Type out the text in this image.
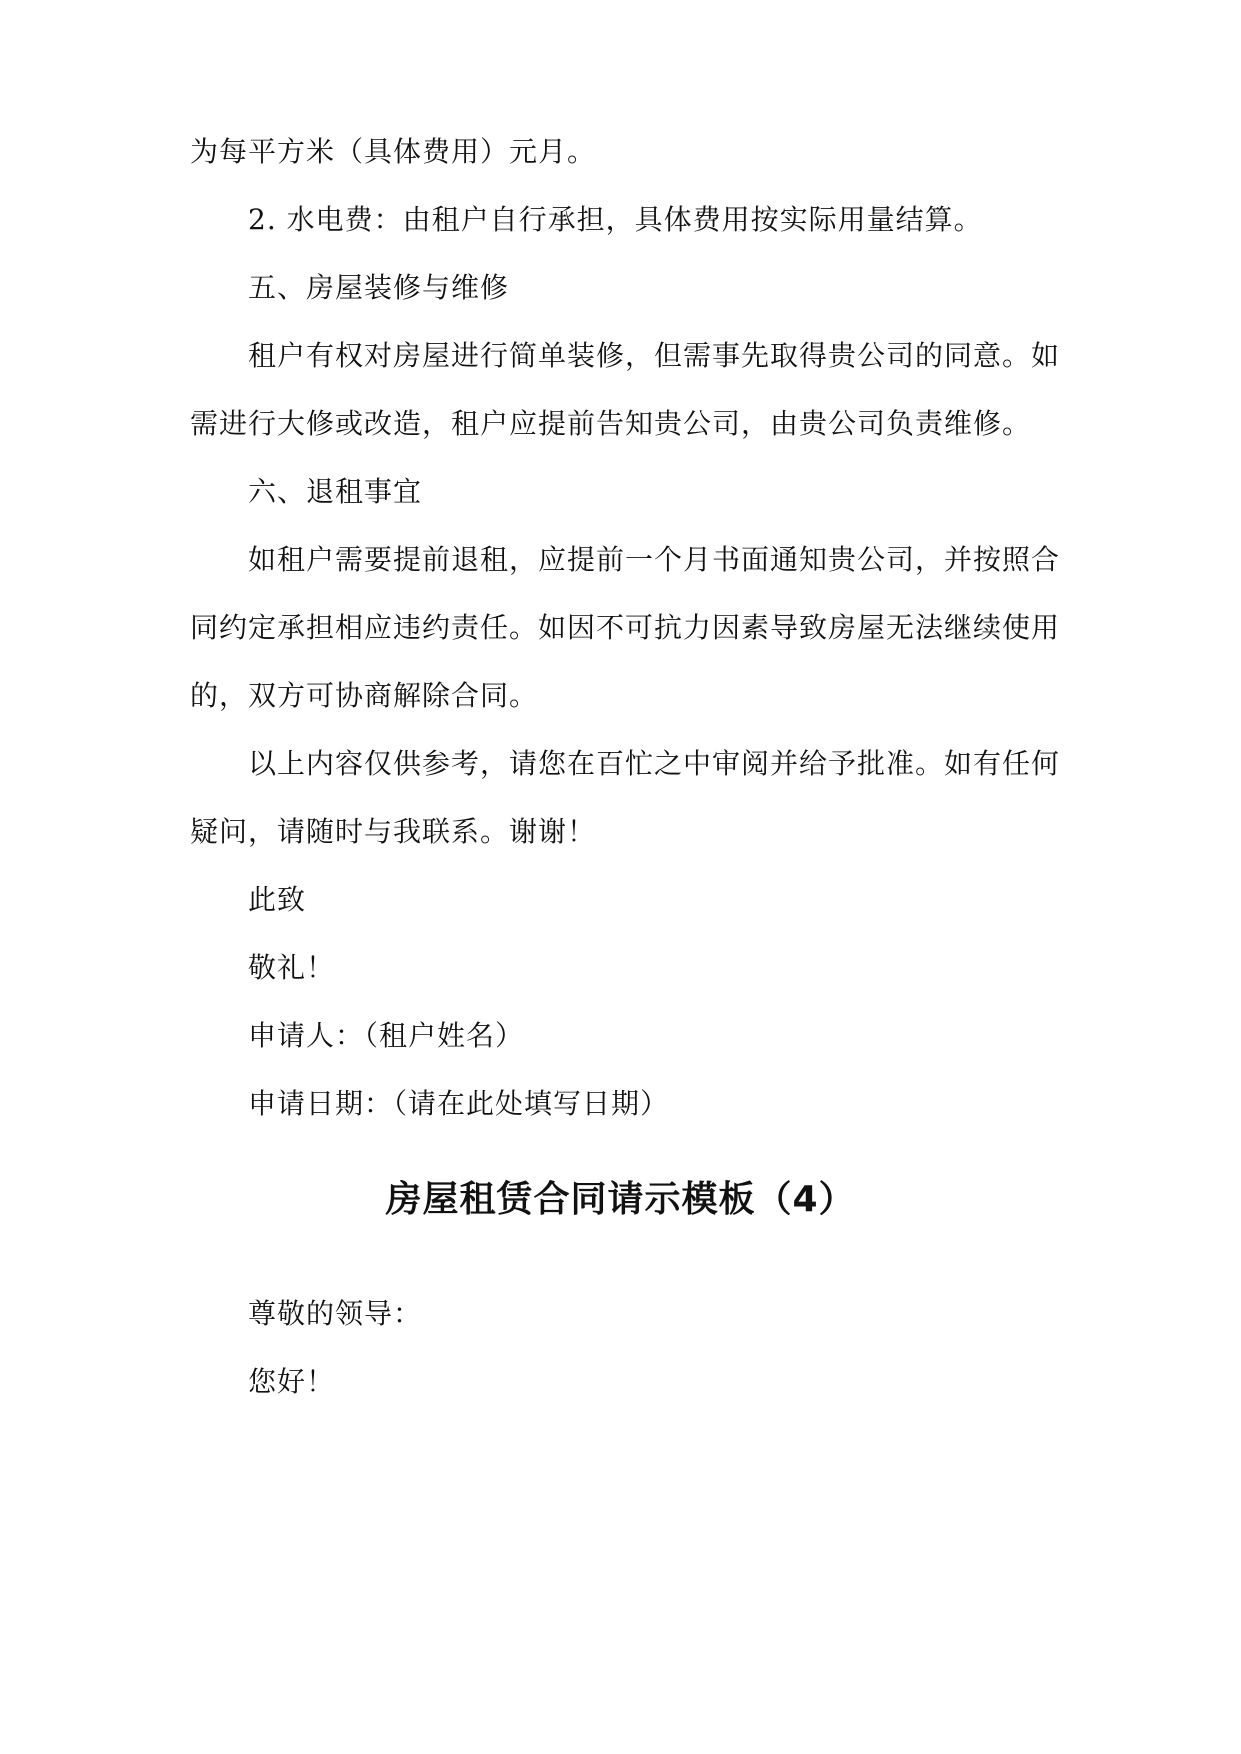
为每平方米（具体费用）元月。
2. 水电费：由租户自行承担，具体费用按实际用量结算。
五、房屋装修与维修
租户有权对房屋进行简单装修，但需事先取得贵公司的同意。如
需进行大修或改造，租户应提前告知贵公司，由贵公司负责维修。
六、退租事宜
如租户需要提前退租，应提前一个月书面通知贵公司，并按照合
同约定承担相应违约责任。如因不可抗力因素导致房屋无法继续使用
的，双方可协商解除合同。
以上内容仅供参考，请您在百忙之中审阅并给予批准。如有任何
疑问，请随时与我联系。谢谢！
此致
敬礼！
申请人：（租户姓名）
申请日期：（请在此处填写日期）
房屋租赁合同请示模板（4）
尊敬的领导：
您好！
